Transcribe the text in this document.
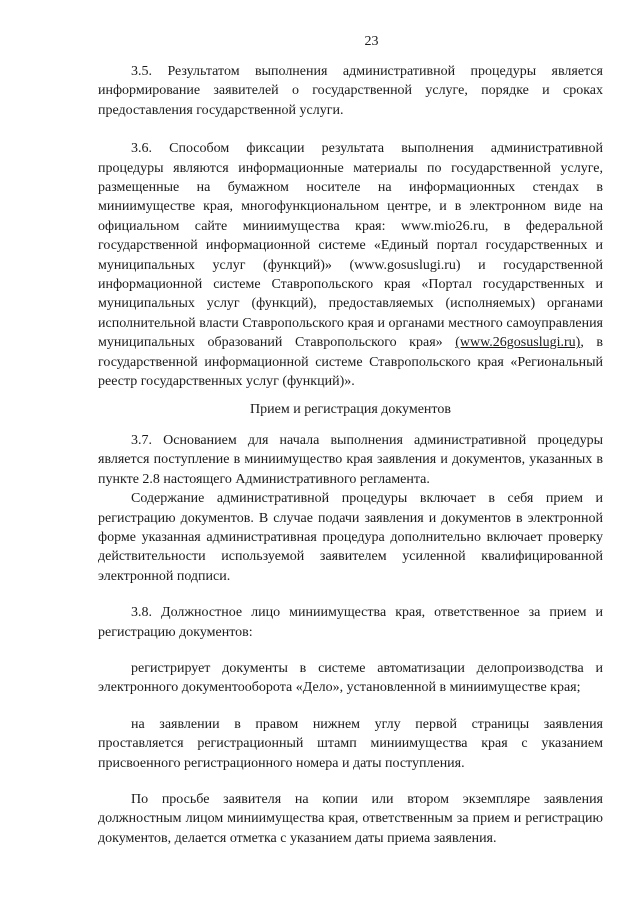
23

3.5. Результатом выполнения административной процедуры является информирование заявителей о государственной услуге, порядке и сроках предоставления государственной услуги.

3.6. Способом фиксации результата выполнения административной процедуры являются информационные материалы по государственной услуге, размещенные на бумажном носителе на информационных стендах в миниимуществе края, многофункциональном центре, и в электронном виде на официальном сайте миниимущества края: www.mio26.ru, в федеральной государственной информационной системе «Единый портал государственных и муниципальных услуг (функций)» (www.gosuslugi.ru) и государственной информационной системе Ставропольского края «Портал государственных и муниципальных услуг (функций), предоставляемых (исполняемых) органами исполнительной власти Ставропольского края и органами местного самоуправления муниципальных образований Ставропольского края» (www.26gosuslugi.ru), в государственной информационной системе Ставропольского края «Региональный реестр государственных услуг (функций)».

Прием и регистрация документов

3.7. Основанием для начала выполнения административной процедуры является поступление в миниимущество края заявления и документов, указанных в пункте 2.8 настоящего Административного регламента.

Содержание административной процедуры включает в себя прием и регистрацию документов. В случае подачи заявления и документов в электронной форме указанная административная процедура дополнительно включает проверку действительности используемой заявителем усиленной квалифицированной электронной подписи.

3.8. Должностное лицо миниимущества края, ответственное за прием и регистрацию документов:

регистрирует документы в системе автоматизации делопроизводства и электронного документооборота «Дело», установленной в миниимуществе края;

на заявлении в правом нижнем углу первой страницы заявления проставляется регистрационный штамп миниимущества края с указанием присвоенного регистрационного номера и даты поступления.

По просьбе заявителя на копии или втором экземпляре заявления должностным лицом миниимущества края, ответственным за прием и регистрацию документов, делается отметка с указанием даты приема заявления.
